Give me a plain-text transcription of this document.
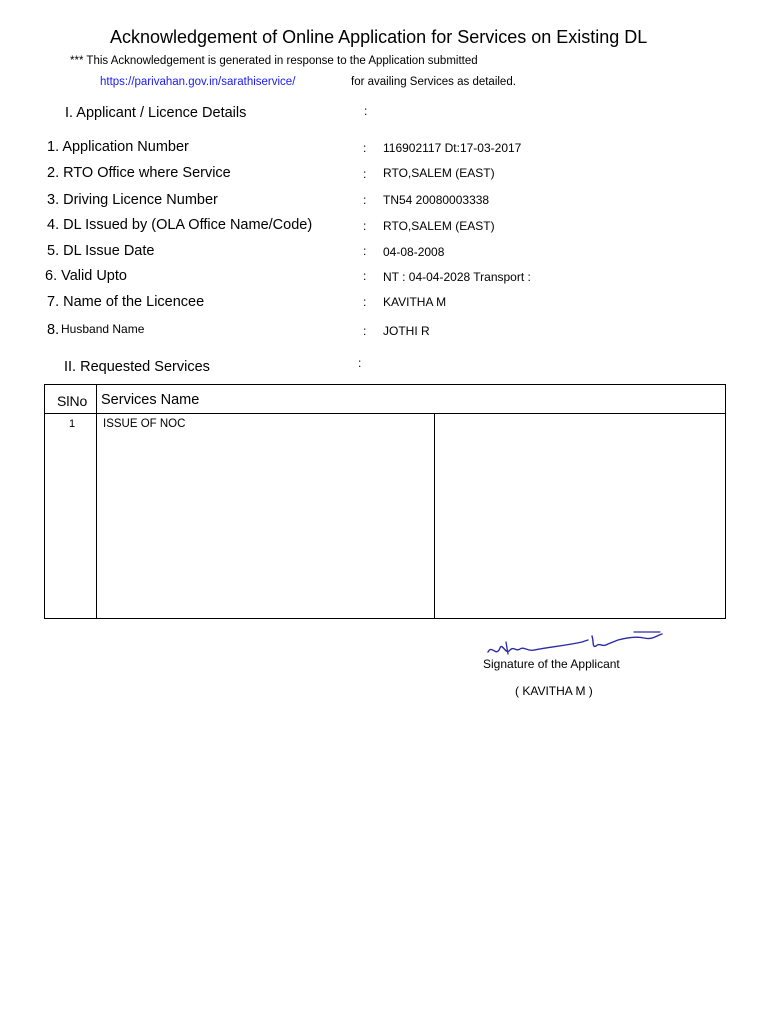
Acknowledgement of Online Application for Services on Existing DL
*** This Acknowledgement is generated in response to the Application submitted
https://parivahan.gov.in/sarathiservice/	for availing Services as detailed.
I. Applicant / Licence Details	:
1. Application Number	: 116902117 Dt:17-03-2017
2. RTO Office where Service	: RTO,SALEM (EAST)
3. Driving Licence Number	: TN54 20080003338
4. DL Issued by (OLA Office Name/Code)	: RTO,SALEM (EAST)
5. DL Issue Date	: 04-08-2008
6. Valid Upto	: NT : 04-04-2028 Transport :
7. Name of the Licencee	: KAVITHA M
8. Husband Name	: JOTHI R
II. Requested Services	:
SlNo Services Name
1 ISSUE OF NOC
Signature of the Applicant
( KAVITHA M )
